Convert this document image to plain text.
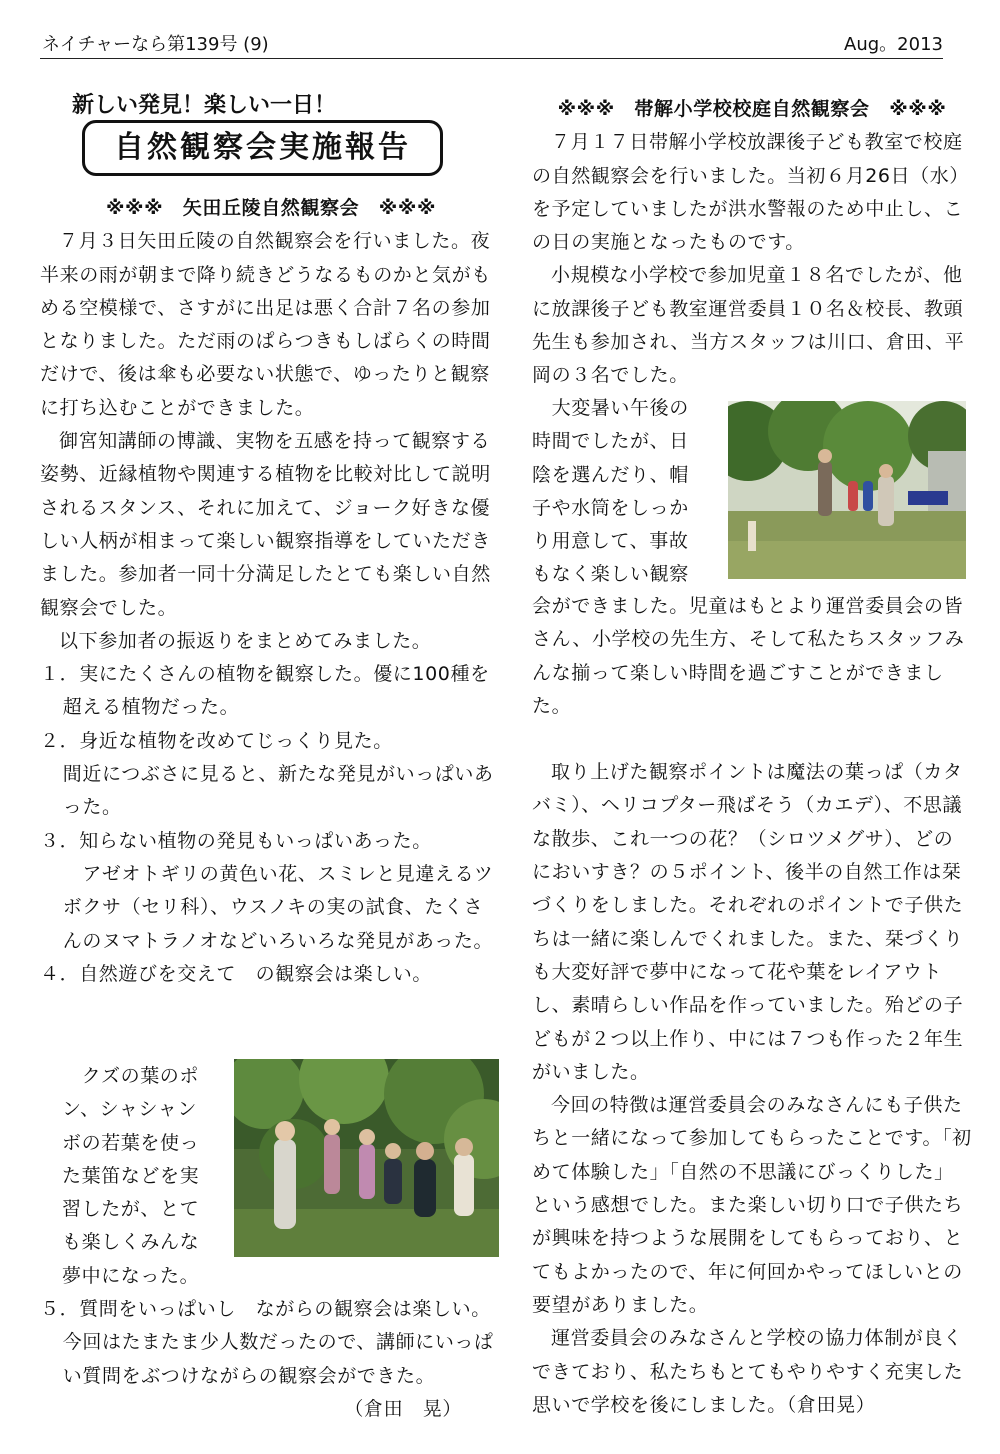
ネイチャーなら第139号 (9)	Aug。2013
新しい発見！楽しい一日！
自然観察会実施報告

※※※　矢田丘陵自然観察会　※※※

７月３日矢田丘陵の自然観察会を行いました。夜半来の雨が朝まで降り続きどうなるものかと気がもめる空模様で、さすがに出足は悪く合計７名の参加となりました。ただ雨のぱらつきもしばらくの時間だけで、後は傘も必要ない状態で、ゆったりと観察に打ち込むことができました。

御宮知講師の博識、実物を五感を持って観察する姿勢、近縁植物や関連する植物を比較対比して説明されるスタンス、それに加えて、ジョーク好きな優しい人柄が相まって楽しい観察指導をしていただきました。参加者一同十分満足したとても楽しい自然観察会でした。

以下参加者の振返りをまとめてみました。

１．実にたくさんの植物を観察した。優に100種を超える植物だった。

２．身近な植物を改めてじっくり見た。

間近につぶさに見ると、新たな発見がいっぱいあった。

３．知らない植物の発見もいっぱいあった。

　アゼオトギリの黄色い花、スミレと見違えるツボクサ（セリ科）、ウスノキの実の試食、たくさんのヌマトラノオなどいろいろな発見があった。

４．自然遊びを交えて　の観察会は楽しい。

　クズの葉のポ

ン、シャシャン

ボの若葉を使っ

た葉笛などを実

習したが、とて

も楽しくみんな

夢中になった。

５．質問をいっぱいし　ながらの観察会は楽しい。今回はたまたま少人数だったので、講師にいっぱい質問をぶつけながらの観察会ができた。

（倉田　晃）

※※※　帯解小学校校庭自然観察会　※※※

７月１７日帯解小学校放課後子ども教室で校庭の自然観察会を行いました。当初６月26日（水）を予定していましたが洪水警報のため中止し、この日の実施となったものです。

小規模な小学校で参加児童１８名でしたが、他に放課後子ども教室運営委員１０名＆校長、教頭先生も参加され、当方スタッフは川口、倉田、平岡の３名でした。

　大変暑い午後の

時間でしたが、日

陰を選んだり、帽

子や水筒をしっか

り用意して、事故

もなく楽しい観察

会ができました。児童はもとより運営委員会の皆さん、小学校の先生方、そして私たちスタッフみんな揃って楽しい時間を過ごすことができました。

取り上げた観察ポイントは魔法の葉っぱ（カタバミ）、ヘリコプター飛ばそう（カエデ）、不思議な散歩、これ一つの花？（シロツメグサ）、どのにおいすき？の５ポイント、後半の自然工作は栞づくりをしました。それぞれのポイントで子供たちは一緒に楽しんでくれました。また、栞づくりも大変好評で夢中になって花や葉をレイアウトし、素晴らしい作品を作っていました。殆どの子どもが２つ以上作り、中には７つも作った２年生がいました。

今回の特徴は運営委員会のみなさんにも子供たちと一緒になって参加してもらったことです。「初めて体験した」「自然の不思議にびっくりした」という感想でした。また楽しい切り口で子供たちが興味を持つような展開をしてもらっており、とてもよかったので、年に何回かやってほしいとの要望がありました。

運営委員会のみなさんと学校の協力体制が良くできており、私たちもとてもやりやすく充実した思いで学校を後にしました。（倉田晃）
